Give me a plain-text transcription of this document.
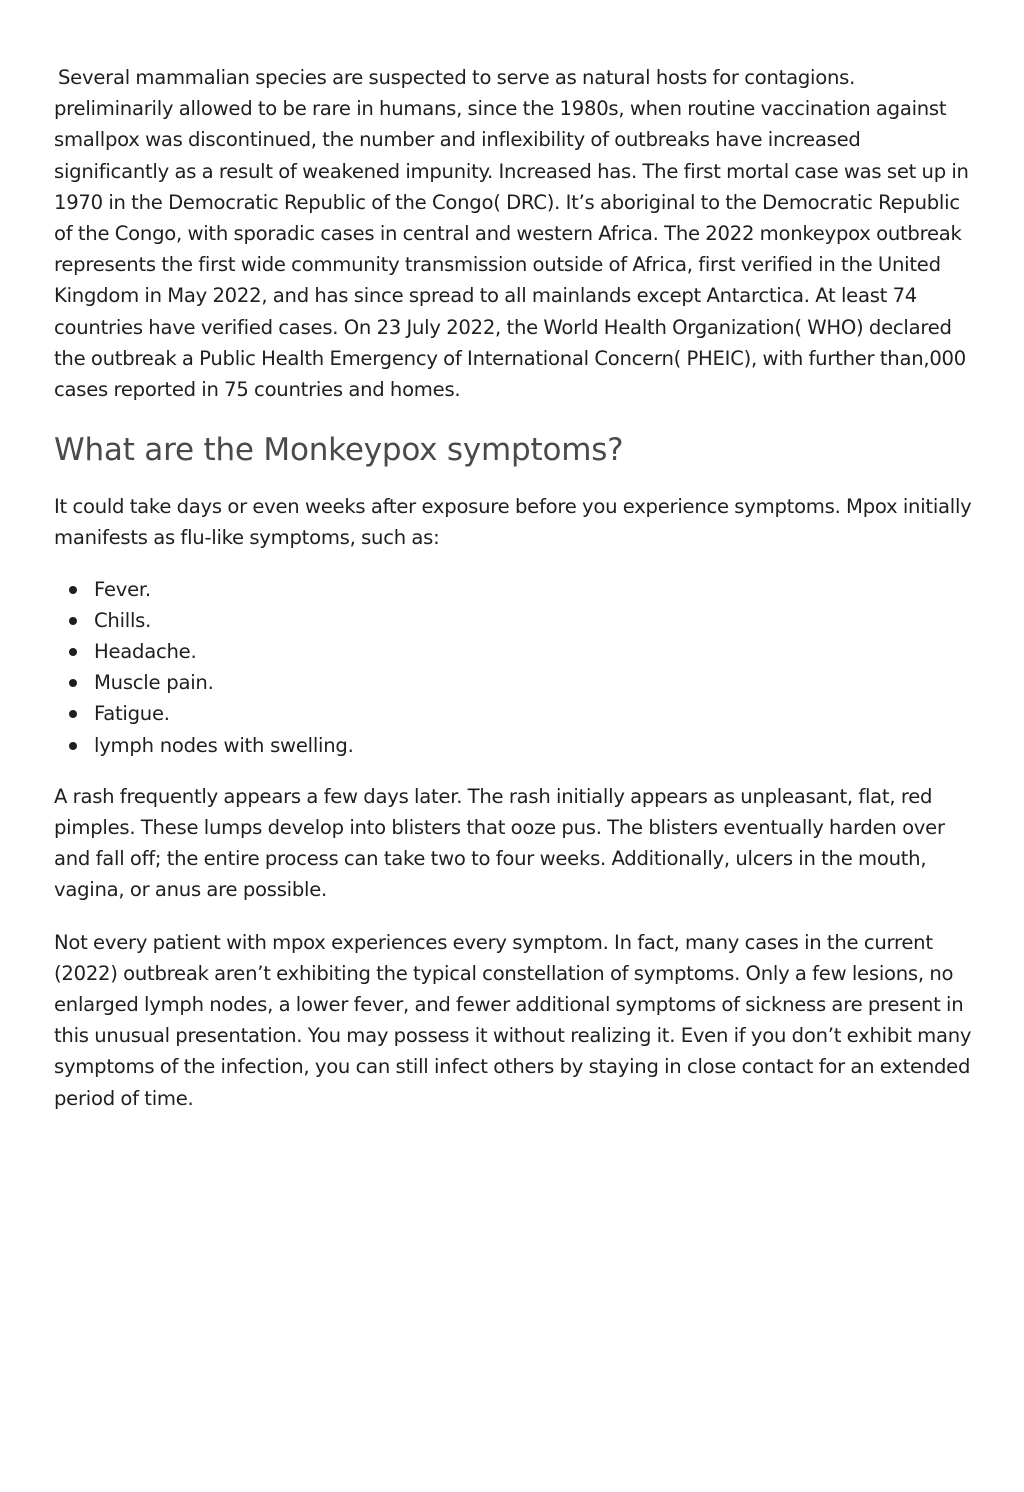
Several mammalian species are suspected to serve as natural hosts for contagions. preliminarily allowed to be rare in humans, since the 1980s, when routine vaccination against smallpox was discontinued, the number and inflexibility of outbreaks have increased significantly as a result of weakened impunity. Increased has. The first mortal case was set up in 1970 in the Democratic Republic of the Congo( DRC). It’s aboriginal to the Democratic Republic of the Congo, with sporadic cases in central and western Africa. The 2022 monkeypox outbreak represents the first wide community transmission outside of Africa, first verified in the United Kingdom in May 2022, and has since spread to all mainlands except Antarctica. At least 74 countries have verified cases. On 23 July 2022, the World Health Organization( WHO) declared the outbreak a Public Health Emergency of International Concern( PHEIC), with further than,000 cases reported in 75 countries and homes.

What are the Monkeypox symptoms?

It could take days or even weeks after exposure before you experience symptoms. Mpox initially manifests as flu-like symptoms, such as:

Fever.
Chills.
Headache.
Muscle pain.
Fatigue.
lymph nodes with swelling.

A rash frequently appears a few days later. The rash initially appears as unpleasant, flat, red pimples. These lumps develop into blisters that ooze pus. The blisters eventually harden over and fall off; the entire process can take two to four weeks. Additionally, ulcers in the mouth, vagina, or anus are possible.

Not every patient with mpox experiences every symptom. In fact, many cases in the current (2022) outbreak aren’t exhibiting the typical constellation of symptoms. Only a few lesions, no enlarged lymph nodes, a lower fever, and fewer additional symptoms of sickness are present in this unusual presentation. You may possess it without realizing it. Even if you don’t exhibit many symptoms of the infection, you can still infect others by staying in close contact for an extended period of time.
